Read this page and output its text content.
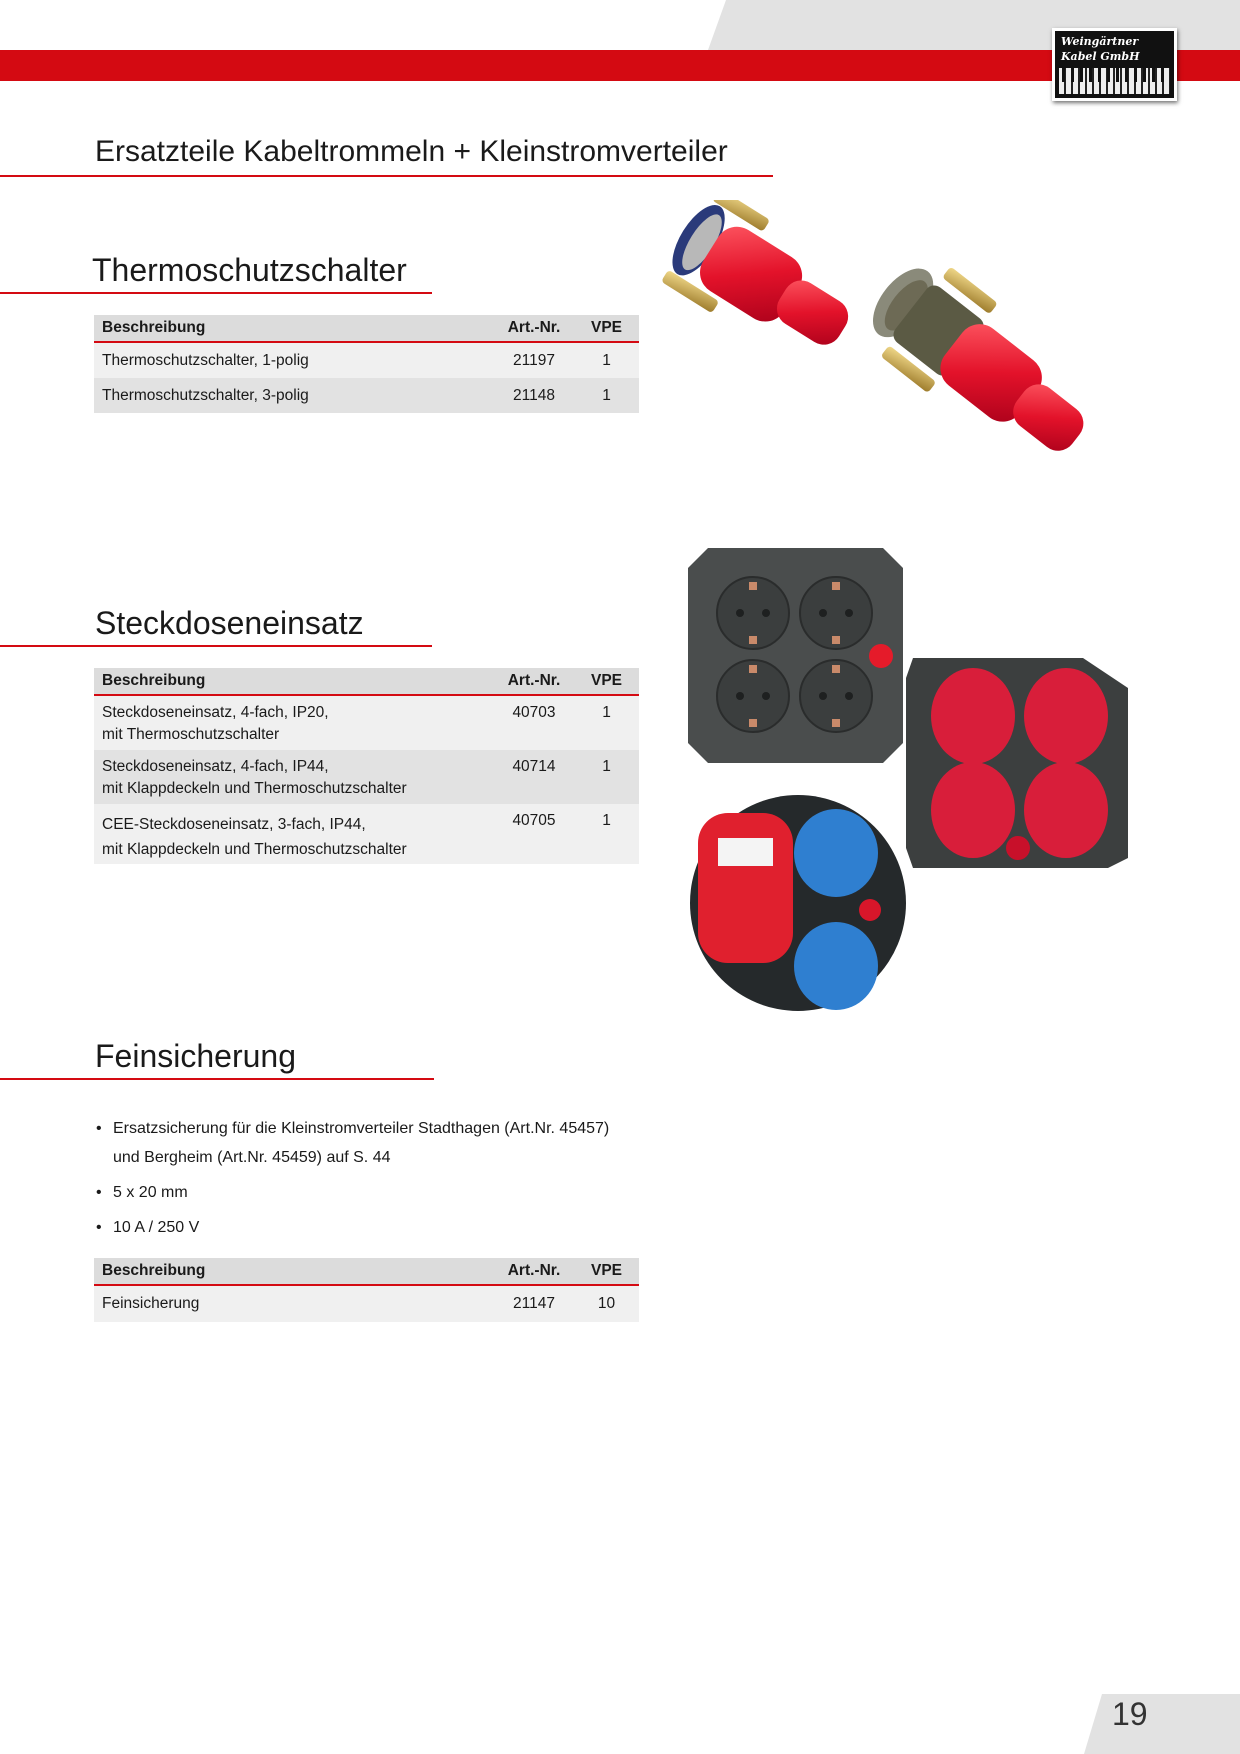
Weingärtner
Kabel GmbH
Ersatzteile Kabeltrommeln + Kleinstromverteiler
Thermoschutzschalter
Beschreibung	Art.-Nr.	VPE
Thermoschutzschalter, 1-polig	21197	1
Thermoschutzschalter, 3-polig	21148	1
Steckdoseneinsatz
Beschreibung	Art.-Nr.	VPE
Steckdoseneinsatz, 4-fach, IP20,
mit Thermoschutzschalter
40703	1
Steckdoseneinsatz, 4-fach, IP44,
mit Klappdeckeln und Thermoschutzschalter
40714	1
CEE-Steckdoseneinsatz, 3-fach, IP44,
mit Klappdeckeln und Thermoschutzschalter
40705	1
Feinsicherung
• Ersatzsicherung für die Kleinstromverteiler Stadthagen (Art.Nr. 45457)
und Bergheim (Art.Nr. 45459) auf S. 44
• 5 x 20 mm
• 10 A / 250 V
Beschreibung	Art.-Nr.	VPE
Feinsicherung	21147	10
19
